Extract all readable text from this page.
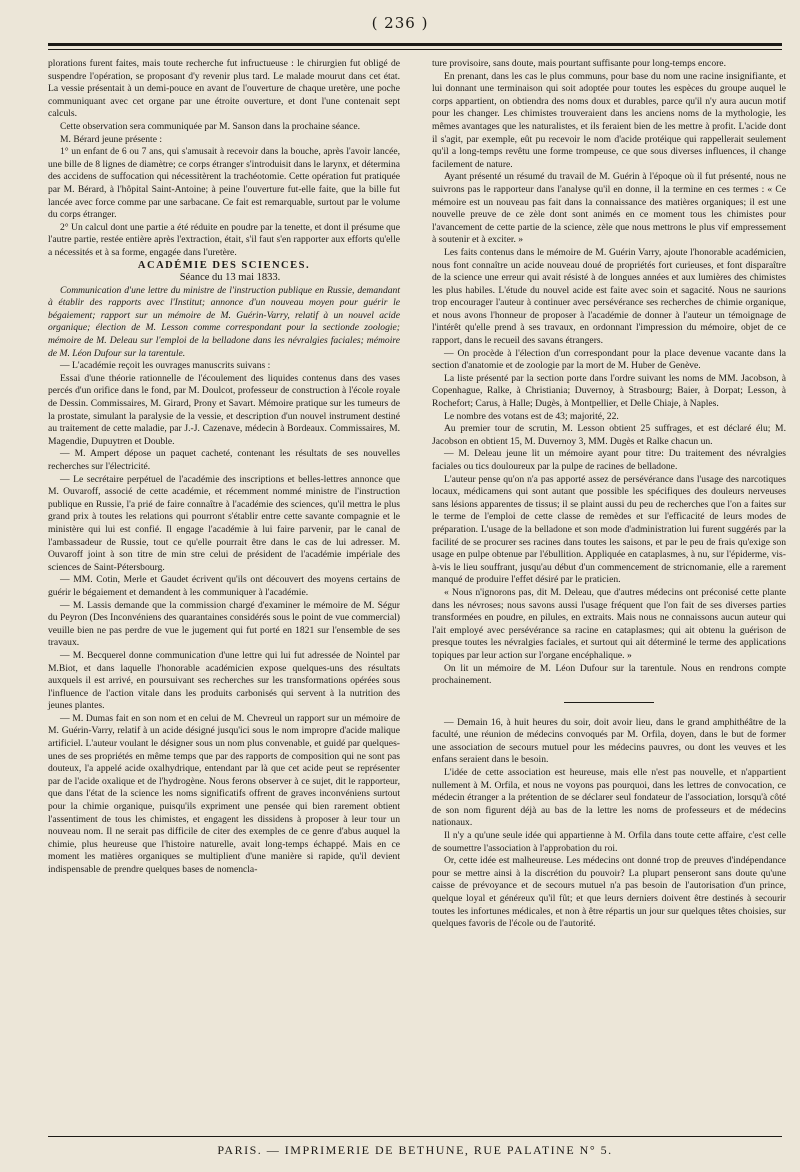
( 236 )

plorations furent faites, mais toute recherche fut infructueuse : le chirurgien fut obligé de suspendre l'opération, se proposant d'y revenir plus tard. Le malade mourut dans cet état. La vessie présentait à un demi-pouce en avant de l'ouverture de chaque uretère, une poche communiquant avec cet organe par une étroite ouverture, et dont l'une contenait sept calculs.

Cette observation sera communiquée par M. Sanson dans la prochaine séance.

M. Bérard jeune présente :

1° un enfant de 6 ou 7 ans, qui s'amusait à recevoir dans la bouche, après l'avoir lancée, une bille de 8 lignes de diamètre; ce corps étranger s'introduisit dans le larynx, et détermina des accidens de suffocation qui nécessitèrent la trachéotomie. Cette opération fut pratiquée par M. Bérard, à l'hôpital Saint-Antoine; à peine l'ouverture fut-elle faite, que la bille fut lancée avec force comme par une sarbacane. Ce fait est remarquable, surtout par le volume du corps étranger.

2° Un calcul dont une partie a été réduite en poudre par la tenette, et dont il présume que l'autre partie, restée entière après l'extraction, était, s'il faut s'en rapporter aux efforts qu'elle a nécessités et à sa forme, engagée dans l'uretère.

ACADÉMIE DES SCIENCES.

Séance du 13 mai 1833.

Communication d'une lettre du ministre de l'instruction publique en Russie, demandant à établir des rapports avec l'Institut; annonce d'un nouveau moyen pour guérir le bégaiement; rapport sur un mémoire de M. Guérin-Varry, relatif à un nouvel acide organique; élection de M. Lesson comme correspondant pour la sectionde zoologie; mémoire de M. Deleau sur l'emploi de la belladone dans les névralgies faciales; mémoire de M. Léon Dufour sur la tarentule.

— L'académie reçoit les ouvrages manuscrits suivans :

Essai d'une théorie rationnelle de l'écoulement des liquides contenus dans des vases percés d'un orifice dans le fond, par M. Doulcot, professeur de construction à l'école royale de Dessin. Commissaires, M. Girard, Prony et Savart. Mémoire pratique sur les tumeurs de la prostate, simulant la paralysie de la vessie, et description d'un nouvel instrument destiné au traitement de cette maladie, par J.-J. Cazenave, médecin à Bordeaux. Commissaires, M. Magendie, Dupuytren et Double.

— M. Ampert dépose un paquet cacheté, contenant les résultats de ses nouvelles recherches sur l'électricité.

— Le secrétaire perpétuel de l'académie des inscriptions et belles-lettres annonce que M. Ouvaroff, associé de cette académie, et récemment nommé ministre de l'instruction publique en Russie, l'a prié de faire connaître à l'académie des sciences, qu'il mettra le plus grand prix à toutes les relations qui pourront s'établir entre cette savante compagnie et le ministère qui lui est confié. Il engage l'académie à lui faire parvenir, par le canal de l'ambassadeur de Russie, tout ce qu'elle pourrait être dans le cas de lui adresser. M. Ouvaroff joint à son titre de min stre celui de président de l'académie impériale des sciences de Saint-Pétersbourg.

— MM. Cotin, Merle et Gaudet écrivent qu'ils ont découvert des moyens certains de guérir le bégaiement et demandent à les communiquer à l'académie.

— M. Lassis demande que la commission chargé d'examiner le mémoire de M. Ségur du Peyron (Des Inconvéniens des quarantaines considérés sous le point de vue commercial) veuille bien ne pas perdre de vue le jugement qui fut porté en 1821 sur l'ensemble de ses travaux.

— M. Becquerel donne communication d'une lettre qui lui fut adressée de Nointel par M.Biot, et dans laquelle l'honorable académicien expose quelques-uns des résultats auxquels il est arrivé, en poursuivant ses recherches sur les transformations opérées sous l'influence de l'action vitale dans les produits carbonisés qui servent à la nutrition des jeunes plantes.

— M. Dumas fait en son nom et en celui de M. Chevreul un rapport sur un mémoire de M. Guérin-Varry, relatif à un acide désigné jusqu'ici sous le nom impropre d'acide malique artificiel. L'auteur voulant le désigner sous un nom plus convenable, et guidé par quelques-unes de ses propriétés en même temps que par des rapports de composition qui ne sont pas douteux, l'a appelé acide oxalhydrique, entendant par là que cet acide peut se représenter par de l'acide oxalique et de l'hydrogène. Nous ferons observer à ce sujet, dit le rapporteur, que dans l'état de la science les noms significatifs offrent de graves inconvéniens surtout pour la chimie organique, puisqu'ils expriment une pensée qui bien rarement obtient l'assentiment de tous les chimistes, et engagent les dissidens à proposer à leur tour un nouveau nom. Il ne serait pas difficile de citer des exemples de ce genre d'abus auquel la chimie, plus heureuse que l'histoire naturelle, avait long-temps échappé. Mais en ce moment les matières organiques se multiplient d'une manière si rapide, qu'il devient indispensable de prendre quelques bases de nomencla-

ture provisoire, sans doute, mais pourtant suffisante pour long-temps encore.

En prenant, dans les cas le plus communs, pour base du nom une racine insignifiante, et lui donnant une terminaison qui soit adoptée pour toutes les espèces du groupe auquel le corps appartient, on obtiendra des noms doux et durables, parce qu'il n'y aura aucun motif pour les changer. Les chimistes trouveraient dans les anciens noms de la mythologie, les mêmes avantages que les naturalistes, et ils feraient bien de les mettre à profit. L'acide dont il s'agit, par exemple, eût pu recevoir le nom d'acide protéique qui rappellerait seulement qu'il a long-temps revêtu une forme trompeuse, ce que sous diverses influences, il change facilement de nature.

Ayant présenté un résumé du travail de M. Guérin à l'époque où il fut présenté, nous ne suivrons pas le rapporteur dans l'analyse qu'il en donne, il la termine en ces termes : « Ce mémoire est un nouveau pas fait dans la connaissance des matières organiques; il est une nouvelle preuve de ce zèle dont sont animés en ce moment tous les chimistes pour l'avancement de cette partie de la science, zèle que nous mettrons le plus vif empressement à soutenir et à exciter. »

Les faits contenus dans le mémoire de M. Guérin Varry, ajoute l'honorable académicien, nous font connaître un acide nouveau doué de propriétés fort curieuses, et font disparaître de la science une erreur qui avait résisté à de longues années et aux lumières des chimistes les plus habiles. L'étude du nouvel acide est faite avec soin et sagacité. Nous ne saurions trop encourager l'auteur à continuer avec persévérance ses recherches de chimie organique, et nous avons l'honneur de proposer à l'académie de donner à l'auteur un témoignage de l'intérêt qu'elle prend à ses travaux, en ordonnant l'impression du mémoire, objet de ce rapport, dans le recueil des savans étrangers.

— On procède à l'élection d'un correspondant pour la place devenue vacante dans la section d'anatomie et de zoologie par la mort de M. Huber de Genève.

La liste présenté par la section porte dans l'ordre suivant les noms de MM. Jacobson, à Copenhague, Ralke, à Christiania; Duvernoy, à Strasbourg; Baier, à Dorpat; Lesson, à Rochefort; Carus, à Halle; Dugès, à Montpellier, et Delle Chiaje, à Naples.

Le nombre des votans est de 43; majorité, 22.

Au premier tour de scrutin, M. Lesson obtient 25 suffrages, et est déclaré élu; M. Jacobson en obtient 15, M. Duvernoy 3, MM. Dugès et Ralke chacun un.

— M. Deleau jeune lit un mémoire ayant pour titre: Du traitement des névralgies faciales ou tics douloureux par la pulpe de racines de belladone.

L'auteur pense qu'on n'a pas apporté assez de persévérance dans l'usage des narcotiques locaux, médicamens qui sont autant que possible les spécifiques des douleurs nerveuses sans lésions apparentes de tissus; il se plaint aussi du peu de recherches que l'on a faites sur le terme de l'emploi de cette classe de remèdes et sur l'efficacité de leurs modes de préparation. L'usage de la belladone et son mode d'administration lui furent suggérés par la facilité de se procurer ses racines dans toutes les saisons, et par le peu de frais qu'exige son usage en pulpe obtenue par l'ébullition. Appliquée en cataplasmes, à nu, sur l'épiderme, vis-à-vis le lieu souffrant, jusqu'au début d'un commencement de stricnomanie, elle a rarement manqué de produire l'effet désiré par le praticien.

« Nous n'ignorons pas, dit M. Deleau, que d'autres médecins ont préconisé cette plante dans les névroses; nous savons aussi l'usage fréquent que l'on fait de ses diverses parties transformées en poudre, en pilules, en extraits. Mais nous ne connaissons aucun auteur qui l'ait employé avec persévérance sa racine en cataplasmes; qui ait obtenu la guérison de presque toutes les névralgies faciales, et surtout qui ait déterminé le terme des applications topiques par leur action sur l'organe encéphalique. »

On lit un mémoire de M. Léon Dufour sur la tarentule. Nous en rendrons compte prochainement.

— Demain 16, à huit heures du soir, doit avoir lieu, dans le grand amphithéâtre de la faculté, une réunion de médecins convoqués par M. Orfila, doyen, dans le but de former une association de secours mutuel pour les médecins pauvres, ou dont les veuves et les enfans seraient dans le besoin.

L'idée de cette association est heureuse, mais elle n'est pas nouvelle, et n'appartient nullement à M. Orfila, et nous ne voyons pas pourquoi, dans les lettres de convocation, ce médecin étranger a la prétention de se déclarer seul fondateur de l'association, lorsqu'à côté de son nom figurent déjà au bas de la lettre les noms de professeurs et de médecins nationaux.

Il n'y a qu'une seule idée qui appartienne à M. Orfila dans toute cette affaire, c'est celle de soumettre l'association à l'approbation du roi.

Or, cette idée est malheureuse. Les médecins ont donné trop de preuves d'indépendance pour se mettre ainsi à la discrétion du pouvoir? La plupart penseront sans doute qu'une caisse de prévoyance et de secours mutuel n'a pas besoin de l'autorisation d'un prince, quelque loyal et généreux qu'il fût; et que leurs derniers doivent être destinés à secourir toutes les infortunes médicales, et non à être répartis un jour sur quelques têtes choisies, sur quelques favoris de l'école ou de l'autorité.

PARIS. — IMPRIMERIE DE BETHUNE, RUE PALATINE N° 5.
